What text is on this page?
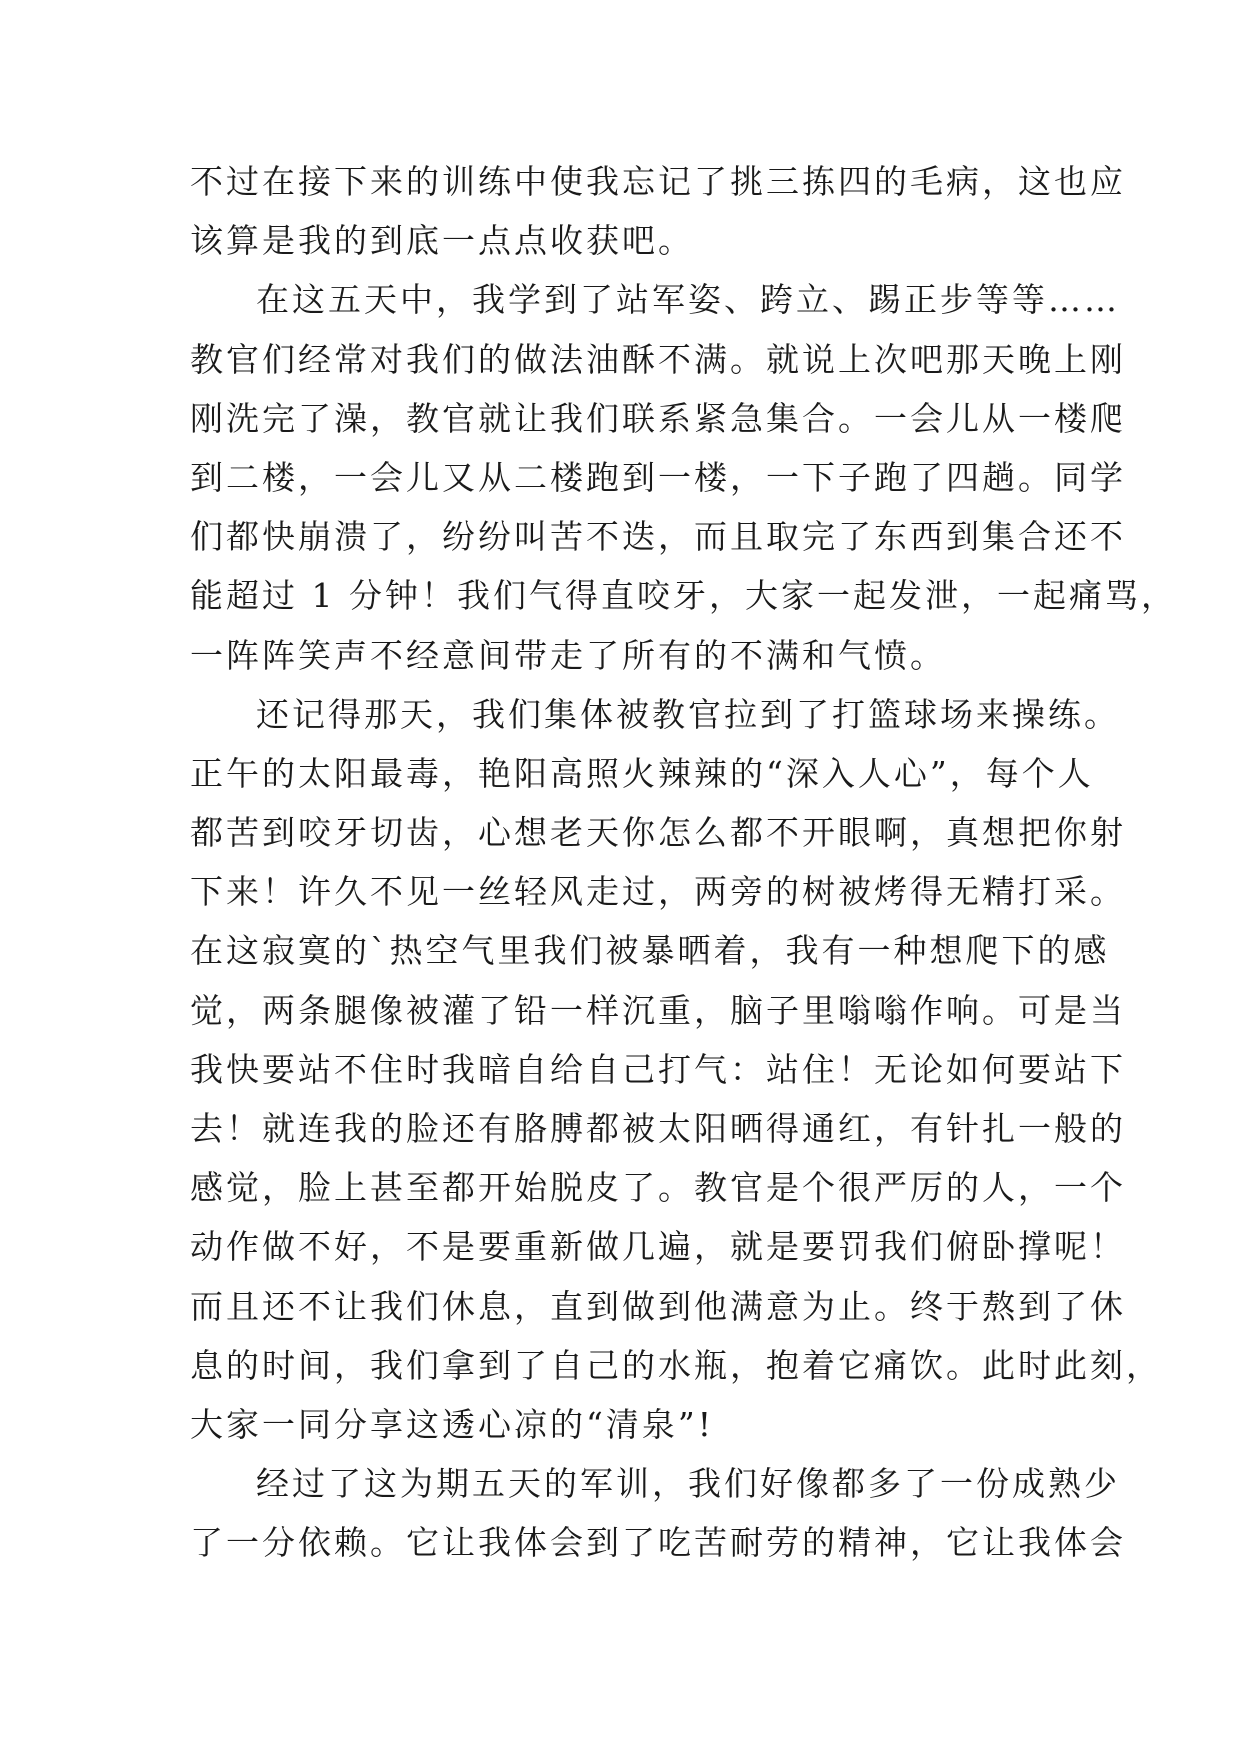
不过在接下来的训练中使我忘记了挑三拣四的毛病，这也应
该算是我的到底一点点收获吧。
在这五天中，我学到了站军姿、跨立、踢正步等等……
教官们经常对我们的做法油酥不满。就说上次吧那天晚上刚
刚洗完了澡，教官就让我们联系紧急集合。一会儿从一楼爬
到二楼，一会儿又从二楼跑到一楼，一下子跑了四趟。同学
们都快崩溃了，纷纷叫苦不迭，而且取完了东西到集合还不
能超过 1 分钟！我们气得直咬牙，大家一起发泄，一起痛骂，
一阵阵笑声不经意间带走了所有的不满和气愤。
还记得那天，我们集体被教官拉到了打篮球场来操练。
正午的太阳最毒，艳阳高照火辣辣的“深入人心”，每个人
都苦到咬牙切齿，心想老天你怎么都不开眼啊，真想把你射
下来！许久不见一丝轻风走过，两旁的树被烤得无精打采。
在这寂寞的`热空气里我们被暴晒着，我有一种想爬下的感
觉，两条腿像被灌了铅一样沉重，脑子里嗡嗡作响。可是当
我快要站不住时我暗自给自己打气：站住！无论如何要站下
去！就连我的脸还有胳膊都被太阳晒得通红，有针扎一般的
感觉，脸上甚至都开始脱皮了。教官是个很严厉的人，一个
动作做不好，不是要重新做几遍，就是要罚我们俯卧撑呢！
而且还不让我们休息，直到做到他满意为止。终于熬到了休
息的时间，我们拿到了自己的水瓶，抱着它痛饮。此时此刻，
大家一同分享这透心凉的“清泉”!
经过了这为期五天的军训，我们好像都多了一份成熟少
了一分依赖。它让我体会到了吃苦耐劳的精神，它让我体会
